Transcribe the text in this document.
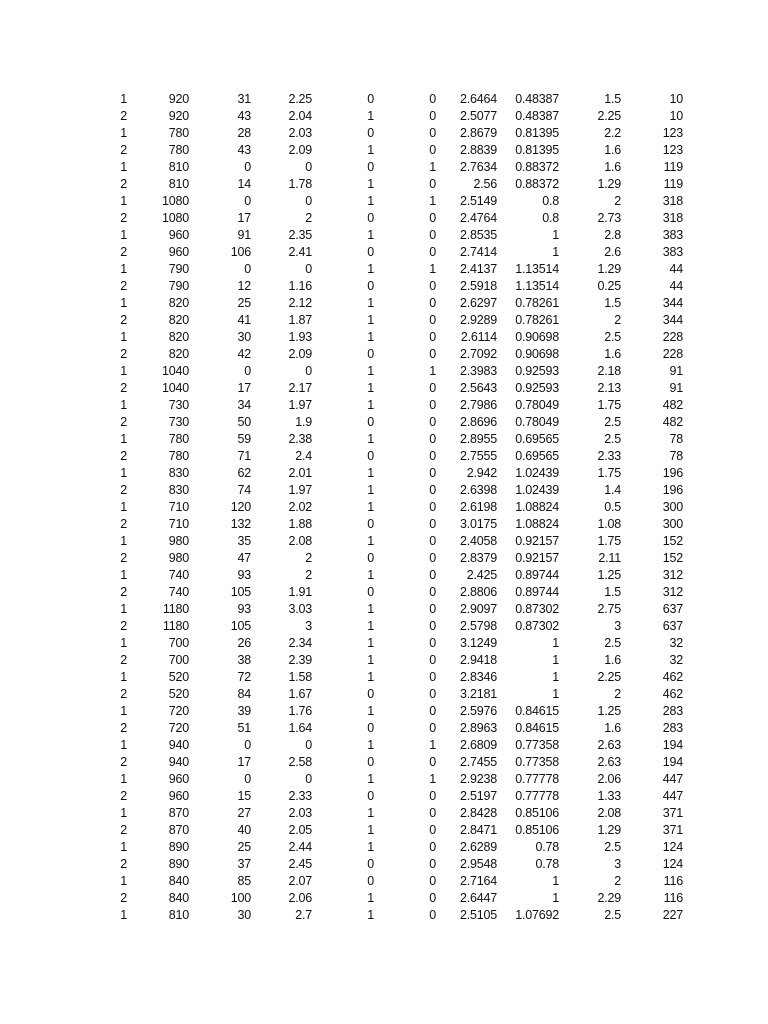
1	920	31	2.25	0	0	2.6464	0.48387	1.5	10
2	920	43	2.04	1	0	2.5077	0.48387	2.25	10
1	780	28	2.03	0	0	2.8679	0.81395	2.2	123
2	780	43	2.09	1	0	2.8839	0.81395	1.6	123
1	810	0	0	0	1	2.7634	0.88372	1.6	119
2	810	14	1.78	1	0	2.56	0.88372	1.29	119
1	1080	0	0	1	1	2.5149	0.8	2	318
2	1080	17	2	0	0	2.4764	0.8	2.73	318
1	960	91	2.35	1	0	2.8535	1	2.8	383
2	960	106	2.41	0	0	2.7414	1	2.6	383
1	790	0	0	1	1	2.4137	1.13514	1.29	44
2	790	12	1.16	0	0	2.5918	1.13514	0.25	44
1	820	25	2.12	1	0	2.6297	0.78261	1.5	344
2	820	41	1.87	1	0	2.9289	0.78261	2	344
1	820	30	1.93	1	0	2.6114	0.90698	2.5	228
2	820	42	2.09	0	0	2.7092	0.90698	1.6	228
1	1040	0	0	1	1	2.3983	0.92593	2.18	91
2	1040	17	2.17	1	0	2.5643	0.92593	2.13	91
1	730	34	1.97	1	0	2.7986	0.78049	1.75	482
2	730	50	1.9	0	0	2.8696	0.78049	2.5	482
1	780	59	2.38	1	0	2.8955	0.69565	2.5	78
2	780	71	2.4	0	0	2.7555	0.69565	2.33	78
1	830	62	2.01	1	0	2.942	1.02439	1.75	196
2	830	74	1.97	1	0	2.6398	1.02439	1.4	196
1	710	120	2.02	1	0	2.6198	1.08824	0.5	300
2	710	132	1.88	0	0	3.0175	1.08824	1.08	300
1	980	35	2.08	1	0	2.4058	0.92157	1.75	152
2	980	47	2	0	0	2.8379	0.92157	2.11	152
1	740	93	2	1	0	2.425	0.89744	1.25	312
2	740	105	1.91	0	0	2.8806	0.89744	1.5	312
1	1180	93	3.03	1	0	2.9097	0.87302	2.75	637
2	1180	105	3	1	0	2.5798	0.87302	3	637
1	700	26	2.34	1	0	3.1249	1	2.5	32
2	700	38	2.39	1	0	2.9418	1	1.6	32
1	520	72	1.58	1	0	2.8346	1	2.25	462
2	520	84	1.67	0	0	3.2181	1	2	462
1	720	39	1.76	1	0	2.5976	0.84615	1.25	283
2	720	51	1.64	0	0	2.8963	0.84615	1.6	283
1	940	0	0	1	1	2.6809	0.77358	2.63	194
2	940	17	2.58	0	0	2.7455	0.77358	2.63	194
1	960	0	0	1	1	2.9238	0.77778	2.06	447
2	960	15	2.33	0	0	2.5197	0.77778	1.33	447
1	870	27	2.03	1	0	2.8428	0.85106	2.08	371
2	870	40	2.05	1	0	2.8471	0.85106	1.29	371
1	890	25	2.44	1	0	2.6289	0.78	2.5	124
2	890	37	2.45	0	0	2.9548	0.78	3	124
1	840	85	2.07	0	0	2.7164	1	2	116
2	840	100	2.06	1	0	2.6447	1	2.29	116
1	810	30	2.7	1	0	2.5105	1.07692	2.5	227
